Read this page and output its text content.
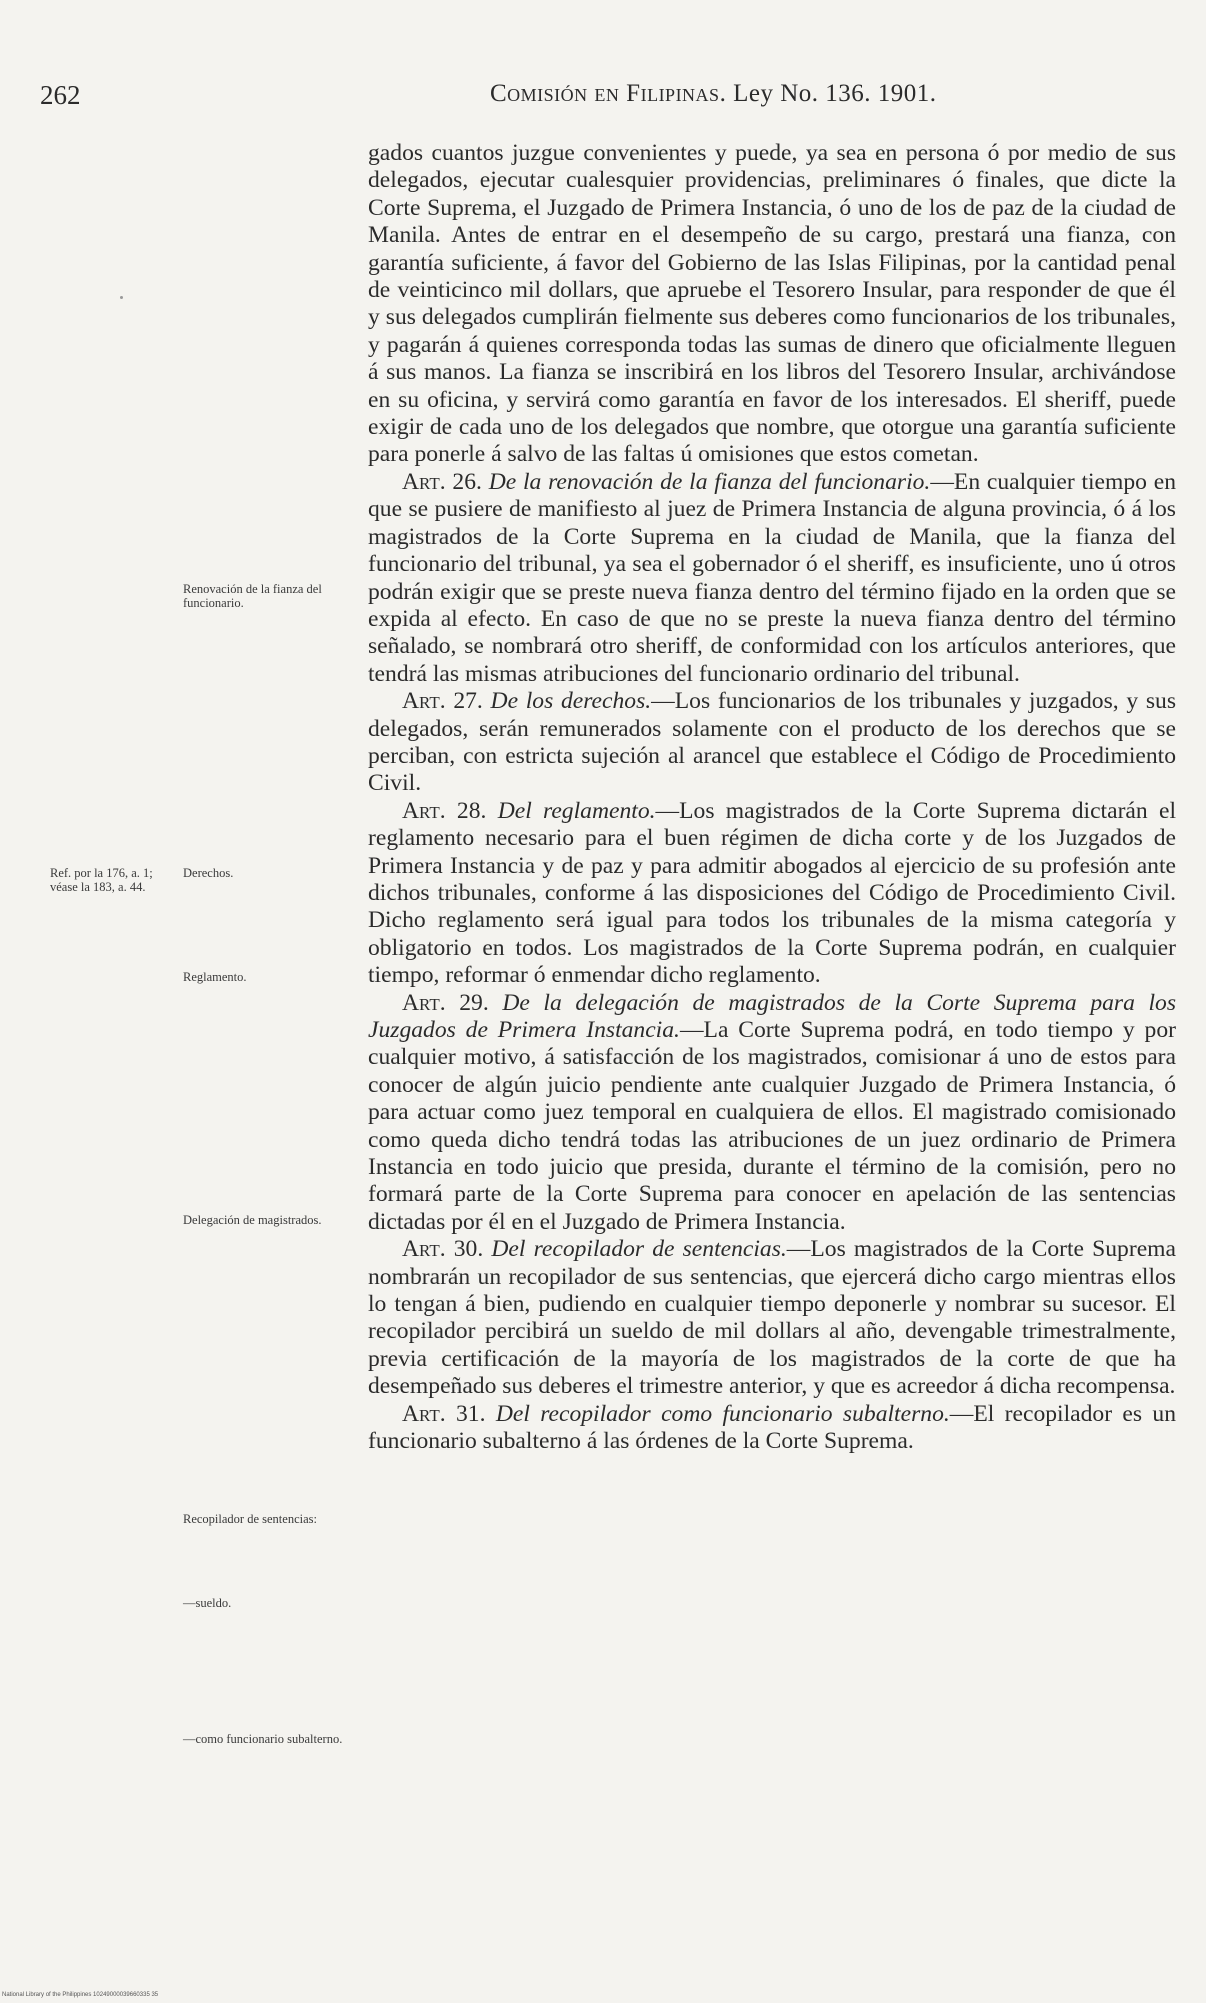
262	Comisión en Filipinas. Ley No. 136. 1901.

gados cuantos juzgue convenientes y puede, ya sea en persona ó por medio de sus delegados, ejecutar cualesquier providencias, preliminares ó finales, que dicte la Corte Suprema, el Juzgado de Primera Instancia, ó uno de los de paz de la ciudad de Manila. Antes de entrar en el desempeño de su cargo, prestará una fianza, con garantía suficiente, á favor del Gobierno de las Islas Filipinas, por la cantidad penal de veinticinco mil dollars, que apruebe el Tesorero Insular, para responder de que él y sus delegados cumplirán fielmente sus deberes como funcionarios de los tribunales, y pagarán á quienes corresponda todas las sumas de dinero que oficialmente lleguen á sus manos. La fianza se inscribirá en los libros del Tesorero Insular, archivándose en su oficina, y servirá como garantía en favor de los interesados. El sheriff, puede exigir de cada uno de los delegados que nombre, que otorgue una garantía suficiente para ponerle á salvo de las faltas ú omisiones que estos cometan.

Art. 26. De la renovación de la fianza del funcionario.—En cualquier tiempo en que se pusiere de manifiesto al juez de Primera Instancia de alguna provincia, ó á los magistrados de la Corte Suprema en la ciudad de Manila, que la fianza del funcionario del tribunal, ya sea el gobernador ó el sheriff, es insuficiente, uno ú otros podrán exigir que se preste nueva fianza dentro del término fijado en la orden que se expida al efecto. En caso de que no se preste la nueva fianza dentro del término señalado, se nombrará otro sheriff, de conformidad con los artículos anteriores, que tendrá las mismas atribuciones del funcionario ordinario del tribunal.

Art. 27. De los derechos.—Los funcionarios de los tribunales y juzgados, y sus delegados, serán remunerados solamente con el producto de los derechos que se perciban, con estricta sujeción al arancel que establece el Código de Procedimiento Civil.

Art. 28. Del reglamento.—Los magistrados de la Corte Suprema dictarán el reglamento necesario para el buen régimen de dicha corte y de los Juzgados de Primera Instancia y de paz y para admitir abogados al ejercicio de su profesión ante dichos tribunales, conforme á las disposiciones del Código de Procedimiento Civil. Dicho reglamento será igual para todos los tribunales de la misma categoría y obligatorio en todos. Los magistrados de la Corte Suprema podrán, en cualquier tiempo, reformar ó enmendar dicho reglamento.

Art. 29. De la delegación de magistrados de la Corte Suprema para los Juzgados de Primera Instancia.—La Corte Suprema podrá, en todo tiempo y por cualquier motivo, á satisfacción de los magistrados, comisionar á uno de estos para conocer de algún juicio pendiente ante cualquier Juzgado de Primera Instancia, ó para actuar como juez temporal en cualquiera de ellos. El magistrado comisionado como queda dicho tendrá todas las atribuciones de un juez ordinario de Primera Instancia en todo juicio que presida, durante el término de la comisión, pero no formará parte de la Corte Suprema para conocer en apelación de las sentencias dictadas por él en el Juzgado de Primera Instancia.

Art. 30. Del recopilador de sentencias.—Los magistrados de la Corte Suprema nombrarán un recopilador de sus sentencias, que ejercerá dicho cargo mientras ellos lo tengan á bien, pudiendo en cualquier tiempo deponerle y nombrar su sucesor. El recopilador percibirá un sueldo de mil dollars al año, devengable trimestralmente, previa certificación de la mayoría de los magistrados de la corte de que ha desempeñado sus deberes el trimestre anterior, y que es acreedor á dicha recompensa.

Art. 31. Del recopilador como funcionario subalterno.—El recopilador es un funcionario subalterno á las órdenes de la Corte Suprema.

Renovación de la fianza del funcionario.
Ref. por la 176, a. 1; véase la 183, a. 44.
Derechos.
Reglamento.
Delegación de magistrados.
Recopilador de sentencias:
—sueldo.
—como funcionario subalterno.
National Library of the Philippines 10249000039660335 35
